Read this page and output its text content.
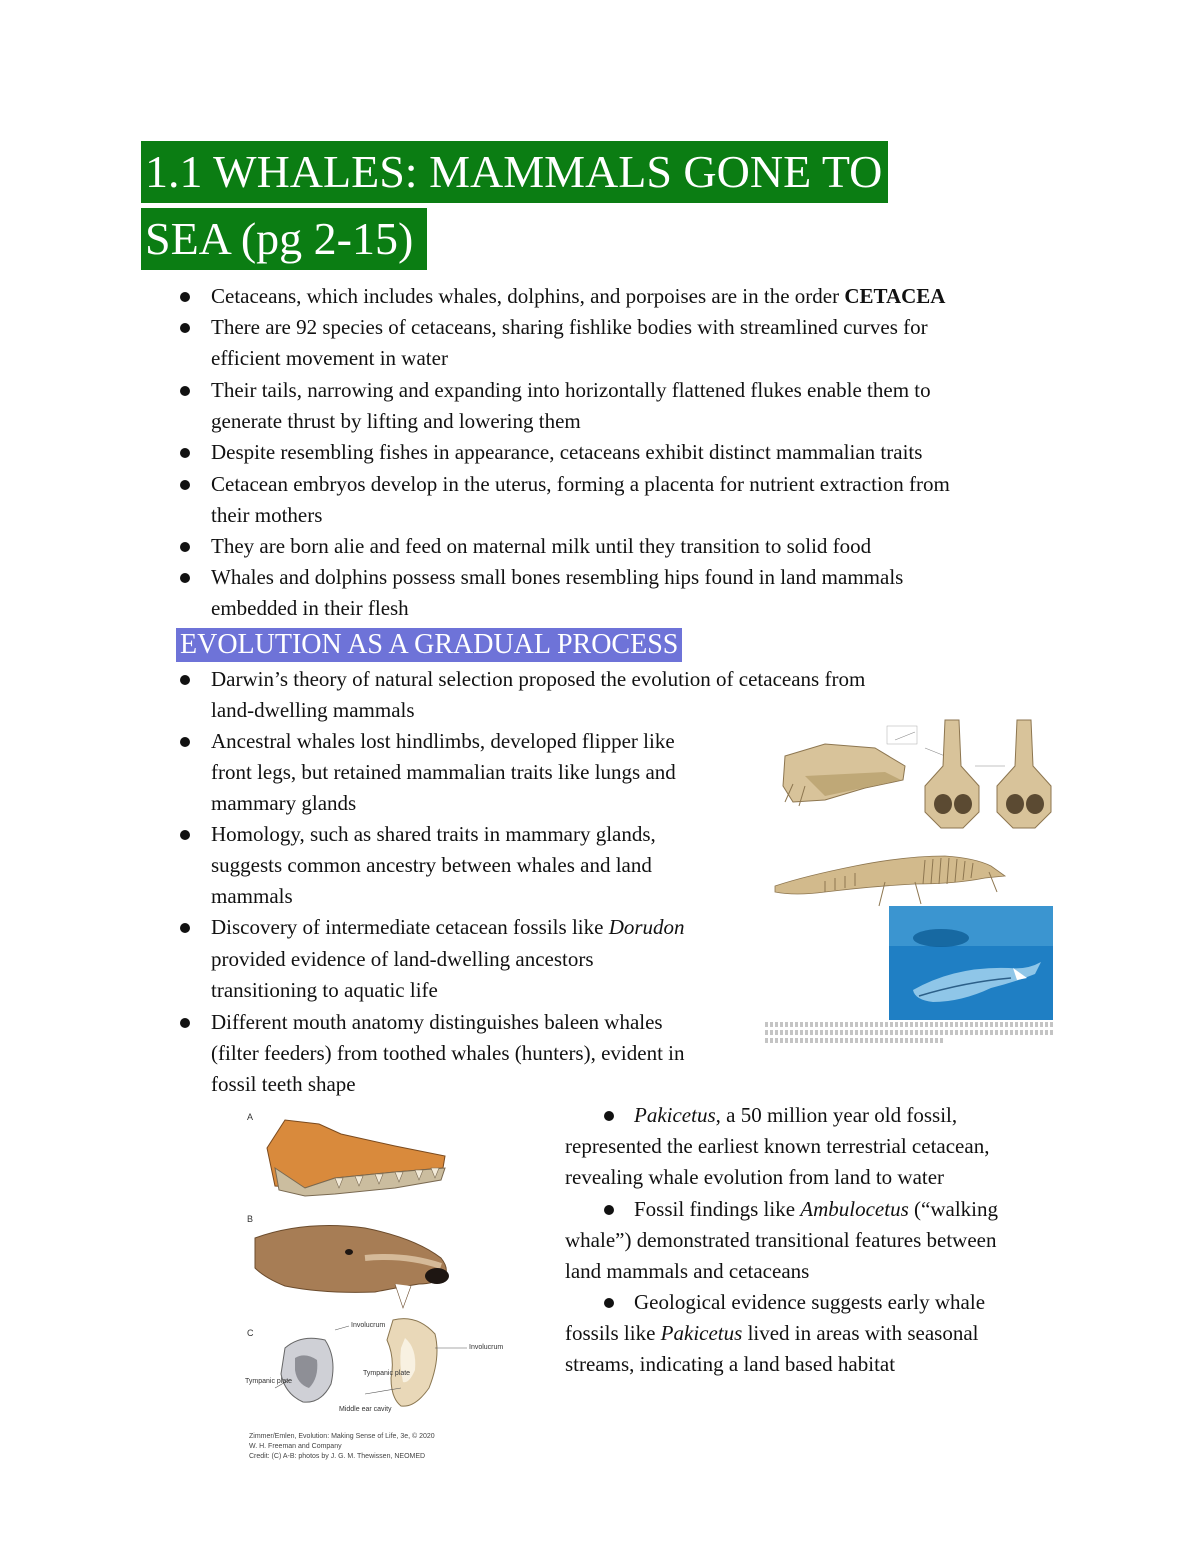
1.1 WHALES: MAMMALS GONE TO
SEA (pg 2-15)
Cetaceans, which includes whales, dolphins, and porpoises are in the order CETACEA
There are 92 species of cetaceans, sharing fishlike bodies with streamlined curves for
efficient movement in water
Their tails, narrowing and expanding into horizontally flattened flukes enable them to
generate thrust by lifting and lowering them
Despite resembling fishes in appearance, cetaceans exhibit distinct mammalian traits
Cetacean embryos develop in the uterus, forming a placenta for nutrient extraction from
their mothers
They are born alie and feed on maternal milk until they transition to solid food
Whales and dolphins possess small bones resembling hips found in land mammals
embedded in their flesh
EVOLUTION AS A GRADUAL PROCESS
Darwin’s theory of natural selection proposed the evolution of cetaceans from
land-dwelling mammals
Ancestral whales lost hindlimbs, developed flipper like
front legs, but retained mammalian traits like lungs and
mammary glands
Homology, such as shared traits in mammary glands,
suggests common ancestry between whales and land
mammals
Discovery of intermediate cetacean fossils like Dorudon
provided evidence of land-dwelling ancestors
transitioning to aquatic life
Different mouth anatomy distinguishes baleen whales
(filter feeders) from toothed whales (hunters), evident in
fossil teeth shape
A
B
C
Involucrum
Involucrum
Tympanic plate
Tympanic plate
Middle ear cavity
Zimmer/Emlen, Evolution: Making Sense of Life, 3e, © 2020
W. H. Freeman and Company
Credit: (C) A-B: photos by J. G. M. Thewissen, NEOMED
Pakicetus, a 50 million year old fossil,
represented the earliest known terrestrial cetacean,
revealing whale evolution from land to water
Fossil findings like Ambulocetus (“walking
whale”) demonstrated transitional features between
land mammals and cetaceans
Geological evidence suggests early whale
fossils like Pakicetus lived in areas with seasonal
streams, indicating a land based habitat
